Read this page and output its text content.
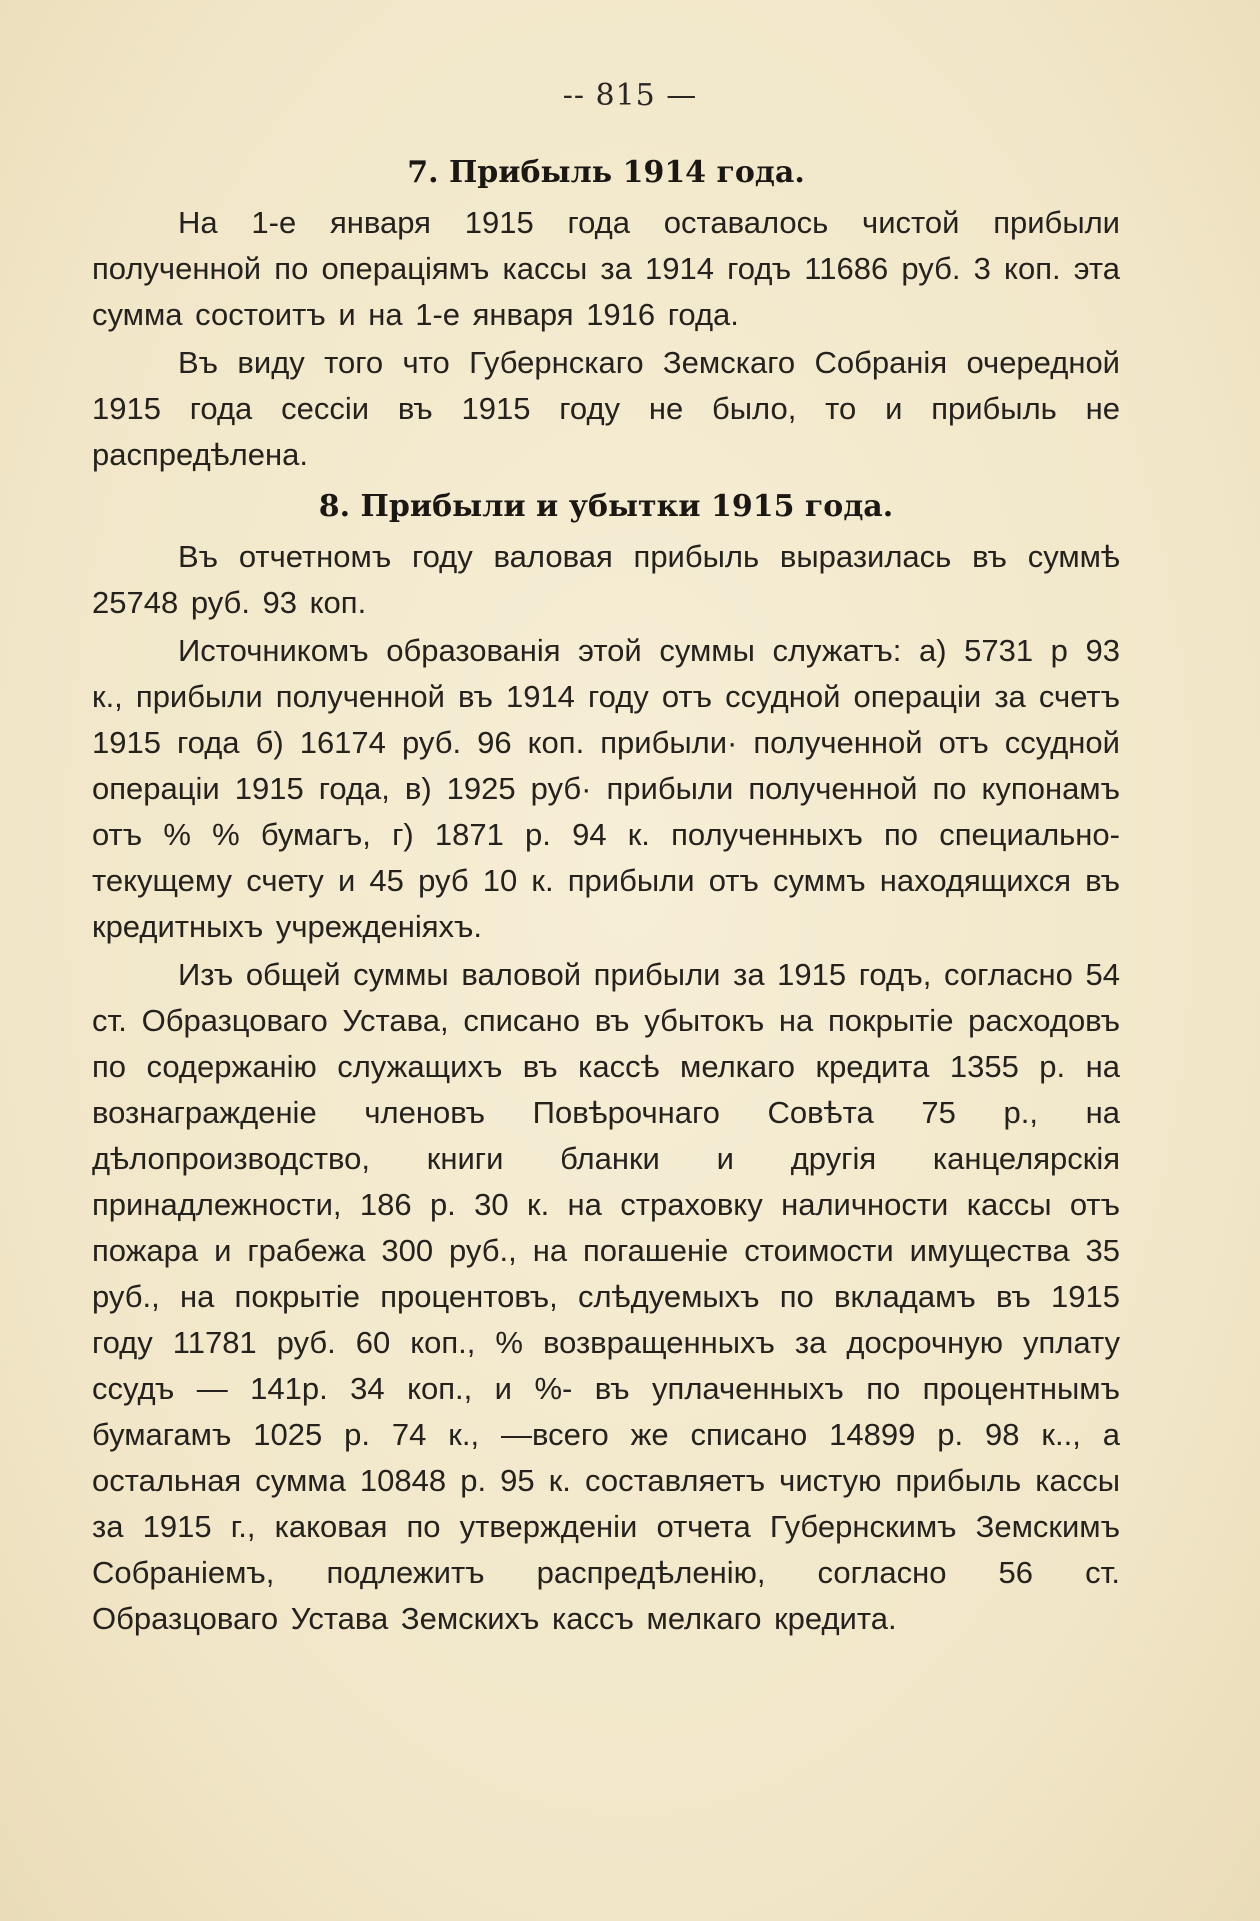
-- 815 —
7. Прибыль 1914 года.

На 1-е января 1915 года оставалось чистой прибыли полученной по операціямъ кассы за 1914 годъ 11686 руб. 3 коп. эта сумма состоитъ и на 1-е января 1916 года.

Въ виду того что Губернскаго Земскаго Собранія очередной 1915 года сессіи въ 1915 году не было, то и прибыль не распредѣлена.

8. Прибыли и убытки 1915 года.

Въ отчетномъ году валовая прибыль выразилась въ суммѣ 25748 руб. 93 коп.

Источникомъ образованія этой суммы служатъ: а) 5731 р 93 к., прибыли полученной въ 1914 году отъ ссудной операціи за счетъ 1915 года б) 16174 руб. 96 коп. прибыли· полученной отъ ссудной операціи 1915 года, в) 1925 руб· прибыли полученной по купонамъ отъ % % бумагъ, г) 1871 р. 94 к. полученныхъ по специально-текущему счету и 45 руб 10 к. прибыли отъ суммъ находящихся въ кредитныхъ учрежденіяхъ.

Изъ общей суммы валовой прибыли за 1915 годъ, согласно 54 ст. Образцоваго Устава, списано въ убытокъ на покрытіе расходовъ по содержанію служащихъ въ кассѣ мелкаго кредита 1355 р. на вознагражденіе членовъ Повѣрочнаго Совѣта 75 р., на дѣлопроизводство, книги бланки и другія канцелярскія принадлежности, 186 р. 30 к. на страховку наличности кассы отъ пожара и грабежа 300 руб., на погашеніе стоимости имущества 35 руб., на покрытіе процентовъ, слѣдуемыхъ по вкладамъ въ 1915 году 11781 руб. 60 коп., % возвращенныхъ за досрочную уплату ссудъ — 141р. 34 коп., и %- въ уплаченныхъ по процентнымъ бумагамъ 1025 р. 74 к., —всего же списано 14899 р. 98 к.., а остальная сумма 10848 р. 95 к. составляетъ чистую прибыль кассы за 1915 г., каковая по утвержденіи отчета Губернскимъ Земскимъ Собраніемъ, подлежитъ распредѣленію, согласно 56 ст. Образцоваго Устава Земскихъ кассъ мелкаго кредита.
